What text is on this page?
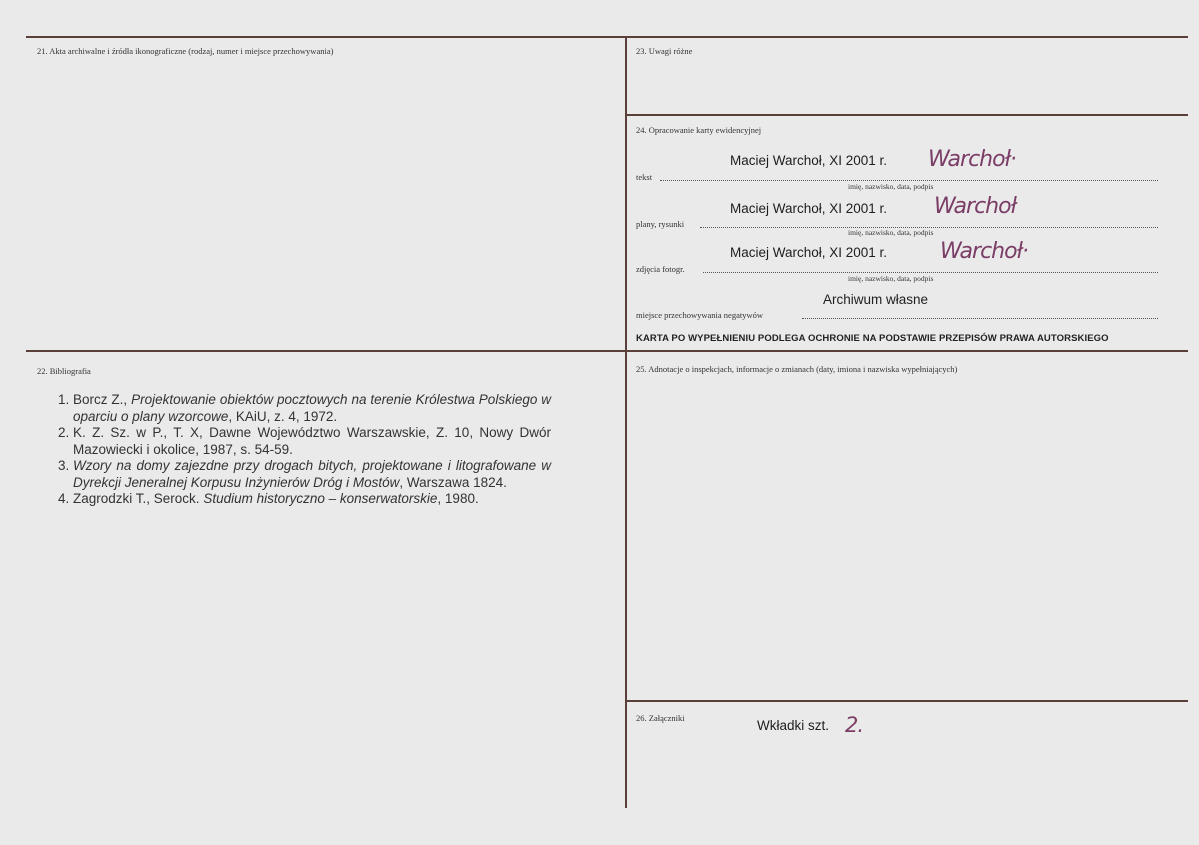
21. Akta archiwalne i źródła ikonograficzne (rodzaj, numer i miejsce przechowywania)	23. Uwagi różne
24. Opracowanie karty ewidencyjnej
Maciej Warchoł, XI 2001 r. Warchoł·
tekst
imię, nazwisko, data, podpis
Maciej Warchoł, XI 2001 r. Warchoł
plany, rysunki
imię, nazwisko, data, podpis
Maciej Warchoł, XI 2001 r. Warchoł·
zdjęcia fotogr.
imię, nazwisko, data, podpis
Archiwum własne
miejsce przechowywania negatywów
KARTA PO WYPEŁNIENIU PODLEGA OCHRONIE NA PODSTAWIE PRZEPISÓW PRAWA AUTORSKIEGO
22. Bibliografia
1. Borcz Z., Projektowanie obiektów pocztowych na terenie Królestwa Polskiego w oparciu o plany wzorcowe, KAiU, z. 4, 1972.
2. K. Z. Sz. w P., T. X, Dawne Województwo Warszawskie, Z. 10, Nowy Dwór Mazowiecki i okolice, 1987, s. 54-59.
3. Wzory na domy zajezdne przy drogach bitych, projektowane i litografowane w Dyrekcji Jeneralnej Korpusu Inżynierów Dróg i Mostów, Warszawa 1824.
4. Zagrodzki T., Serock. Studium historyczno – konserwatorskie, 1980.
25. Adnotacje o inspekcjach, informacje o zmianach (daty, imiona i nazwiska wypełniających)
26. Załączniki	Wkładki szt. 2.
